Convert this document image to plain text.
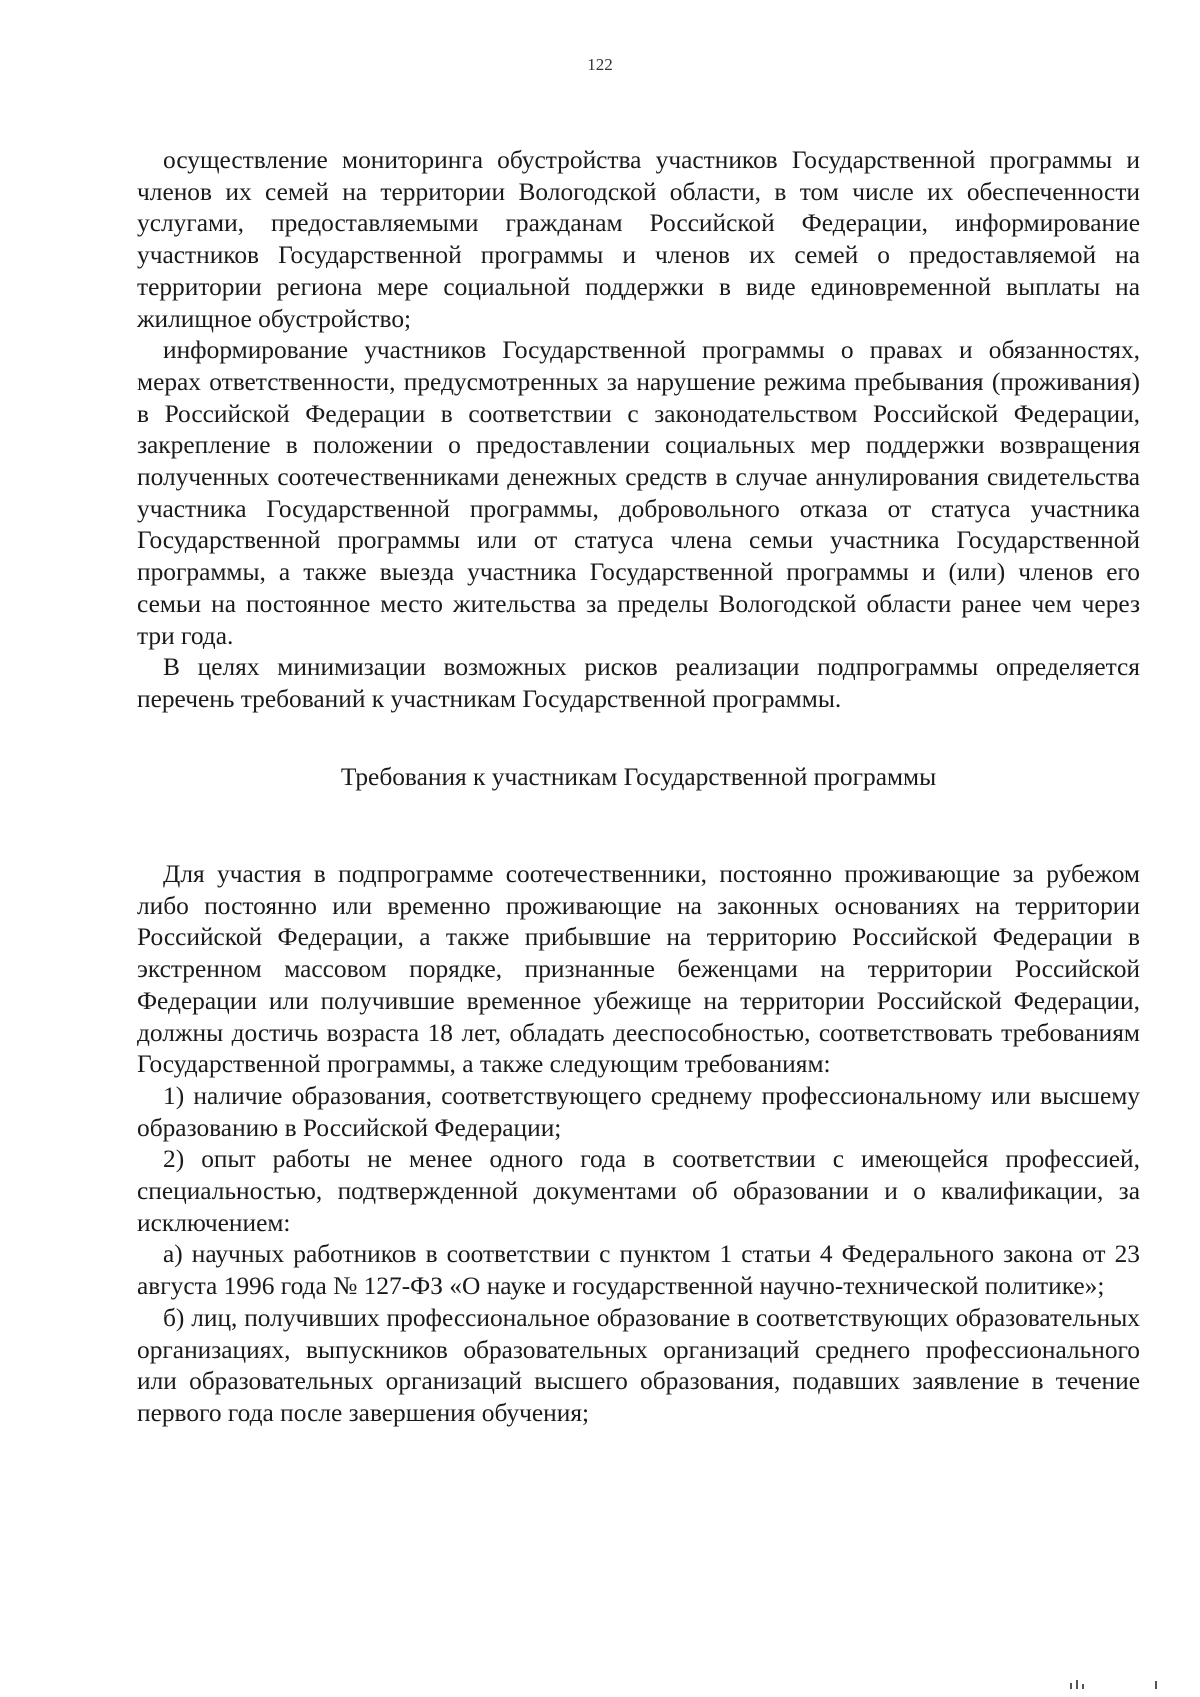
122

осуществление мониторинга обустройства участников Государственной программы и членов их семей на территории Вологодской области, в том числе их обеспеченности услугами, предоставляемыми гражданам Российской Федерации, информирование участников Государственной программы и членов их семей о предоставляемой на территории региона мере социальной поддержки в виде единовременной выплаты на жилищное обустройство;

информирование участников Государственной программы о правах и обязанностях, мерах ответственности, предусмотренных за нарушение режима пребывания (проживания) в Российской Федерации в соответствии с законодательством Российской Федерации, закрепление в положении о предоставлении социальных мер поддержки возвращения полученных соотечественниками денежных средств в случае аннулирования свидетельства участника Государственной программы, добровольного отказа от статуса участника Государственной программы или от статуса члена семьи участника Государственной программы, а также выезда участника Государственной программы и (или) членов его семьи на постоянное место жительства за пределы Вологодской области ранее чем через три года.

В целях минимизации возможных рисков реализации подпрограммы определяется перечень требований к участникам Государственной программы.

Требования к участникам Государственной программы

Для участия в подпрограмме соотечественники, постоянно проживающие за рубежом либо постоянно или временно проживающие на законных основаниях на территории Российской Федерации, а также прибывшие на территорию Российской Федерации в экстренном массовом порядке, признанные беженцами на территории Российской Федерации или получившие временное убежище на территории Российской Федерации, должны достичь возраста 18 лет, обладать дееспособностью, соответствовать требованиям Государственной программы, а также следующим требованиям:

1) наличие образования, соответствующего среднему профессиональному или высшему образованию в Российской Федерации;

2) опыт работы не менее одного года в соответствии с имеющейся профессией, специальностью, подтвержденной документами об образовании и о квалификации, за исключением:

а) научных работников в соответствии с пунктом 1 статьи 4 Федерального закона от 23 августа 1996 года № 127-ФЗ «О науке и государственной научно-технической политике»;

б) лиц, получивших профессиональное образование в соответствующих образовательных организациях, выпускников образовательных организаций среднего профессионального или образовательных организаций высшего образования, подавших заявление в течение первого года после завершения обучения;
